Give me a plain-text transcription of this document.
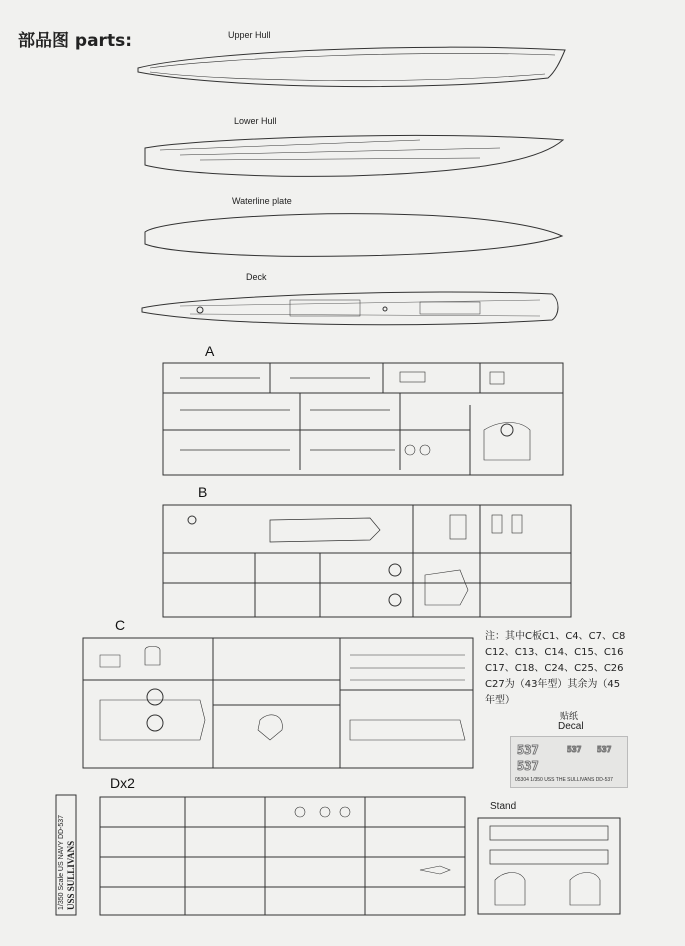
部品图 parts:	Upper Hull
Lower Hull
Waterline plate
Deck
A
B
C
Dx2
Stand
注：其中C板C1、C4、C7、C8
C12、C13、C14、C15、C16
C17、C18、C24、C25、C26
C27为（43年型）其余为（45
年型）
贴纸
Decal
537
537
537 537
05304 1/350 USS THE SULLIVANS DD-537
1/350 Scale US NAVY DD-537 USS SULLIVANS
